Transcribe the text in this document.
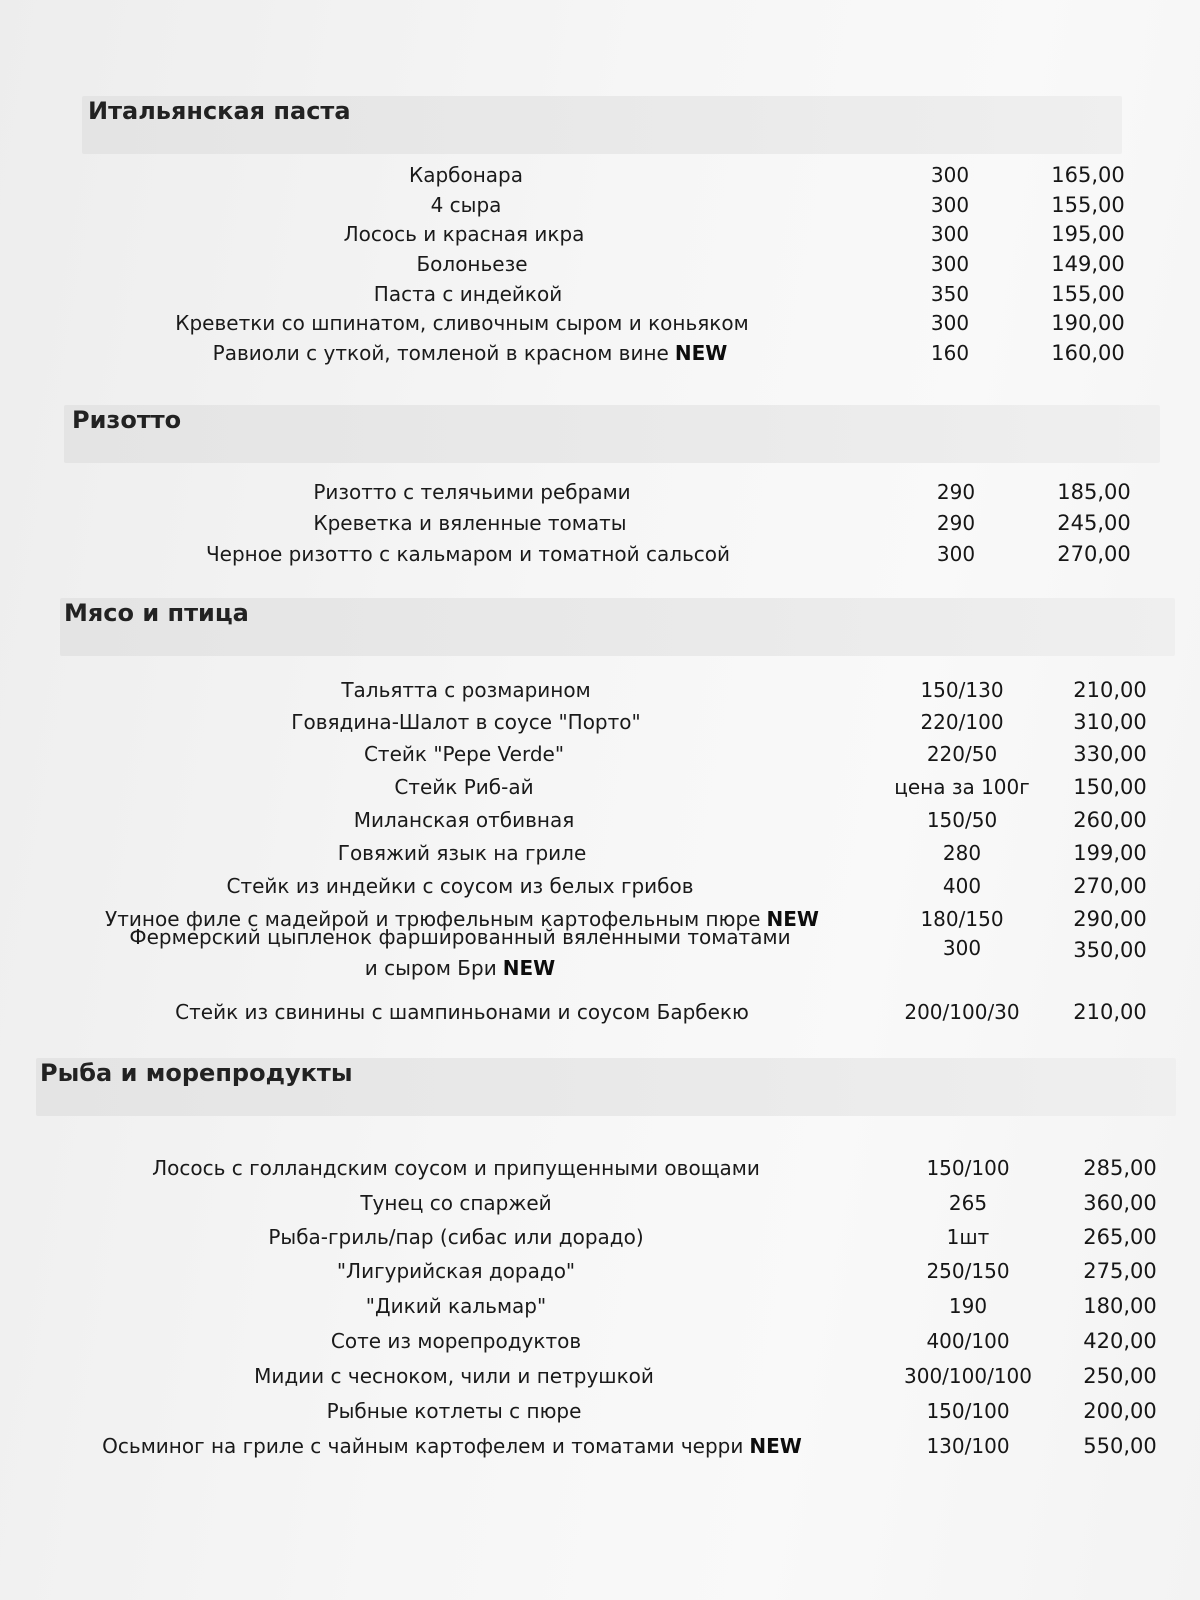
Итальянская паста
Карбонара	300	165,00
4 сыра	300	155,00
Лосось и красная икра	300	195,00
Болоньезе	300	149,00
Паста с индейкой	350	155,00
Креветки со шпинатом, сливочным сыром и коньяком	300	190,00
Равиоли с уткой, томленой в красном вине NEW	160	160,00
Ризотто
Ризотто с телячьими ребрами	290	185,00
Креветка и вяленные томаты	290	245,00
Черное ризотто с кальмаром и томатной сальсой	300	270,00
Мясо и птица
Тальятта с розмарином	150/130	210,00
Говядина-Шалот в соусе "Порто"	220/100	310,00
Стейк "Pepe Verde"	220/50	330,00
Стейк Риб-ай	цена за 100г 150,00
Миланская отбивная	150/50	260,00
Говяжий язык на гриле	280	199,00
Стейк из индейки с соусом из белых грибов	400	270,00
Утиное филе с мадейрой и трюфельным картофельным пюре NEW	180/150	290,00
Фермерский цыпленок фаршированный вяленными томатами
и сыром Бри NEW
300	350,00
Стейк из свинины с шампиньонами и соусом Барбекю	200/100/30	210,00
Рыба и морепродукты
Лосось с голландским соусом и припущенными овощами	150/100	285,00
Тунец со спаржей	265	360,00
Рыба-гриль/пар (сибас или дорадо)	1шт	265,00
"Лигурийская дорадо"	250/150	275,00
"Дикий кальмар"	190	180,00
Соте из морепродуктов	400/100	420,00
Мидии с чесноком, чили и петрушкой	300/100/100 250,00
Рыбные котлеты с пюре	150/100	200,00
Осьминог на гриле с чайным картофелем и томатами черри NEW	130/100	550,00
